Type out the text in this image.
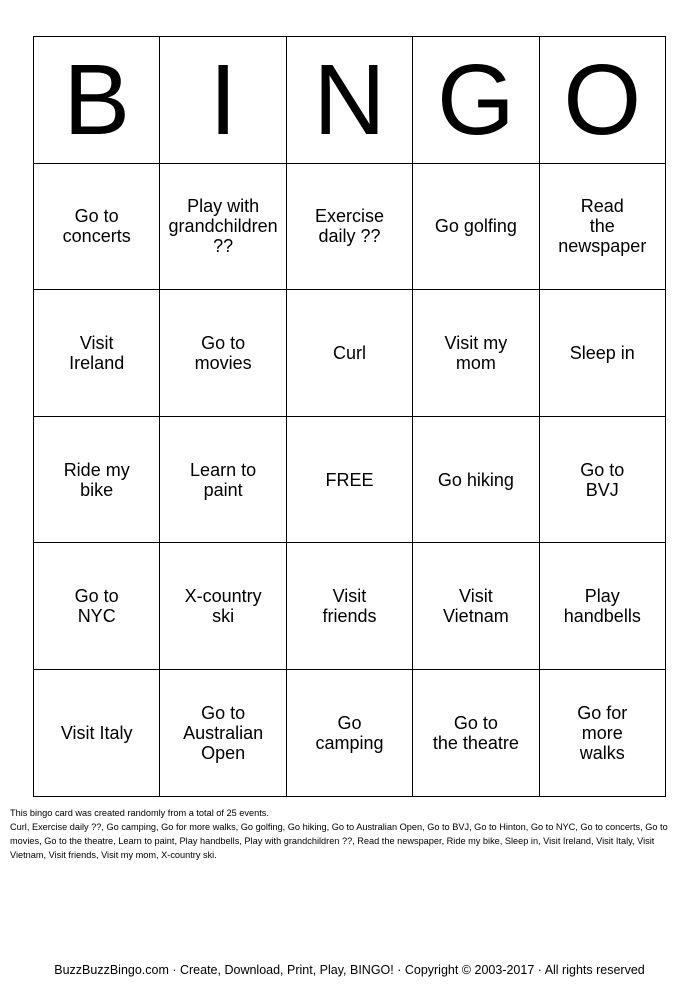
B	I	N	G	O

Go to
concerts	Play with
grandchildren
??	Exercise
daily ??	Go golfing	Read
the
newspaper

Visit
Ireland	Go to
movies	Curl	Visit my
mom	Sleep in

Ride my
bike	Learn to
paint	FREE	Go hiking	Go to
BVJ

Go to
NYC	X-country
ski	Visit
friends	Visit
Vietnam	Play
handbells

Visit Italy	Go to
Australian
Open	Go
camping	Go to
the theatre	Go for
more
walks
This bingo card was created randomly from a total of 25 events.
Curl, Exercise daily ??, Go camping, Go for more walks, Go golfing, Go hiking, Go to Australian Open, Go to BVJ, Go to Hinton, Go to NYC, Go to concerts, Go to movies, Go to the theatre, Learn to paint, Play handbells, Play with grandchildren ??, Read the newspaper, Ride my bike, Sleep in, Visit Ireland, Visit Italy, Visit Vietnam, Visit friends, Visit my mom, X-country ski.
BuzzBuzzBingo.com · Create, Download, Print, Play, BINGO! · Copyright © 2003-2017 · All rights reserved
